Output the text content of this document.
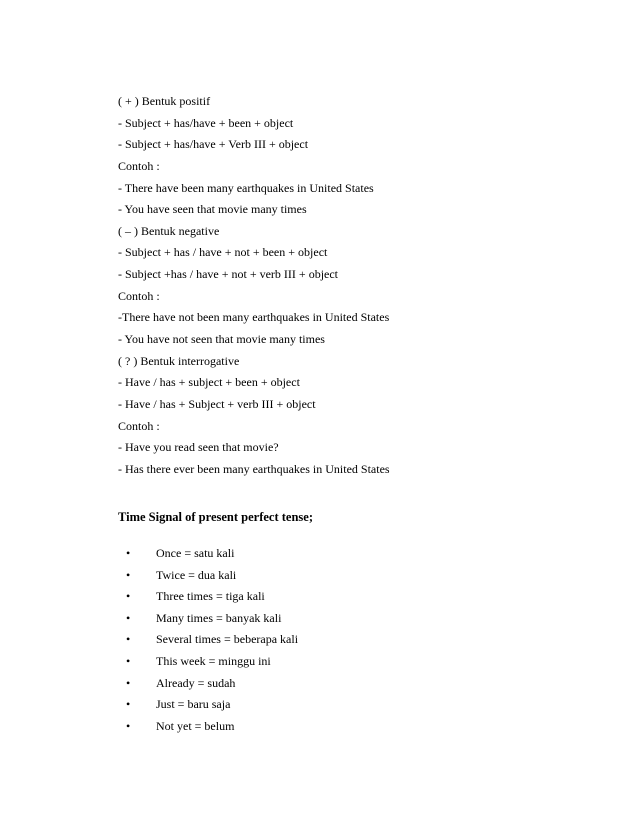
( + ) Bentuk positif
- Subject + has/have + been + object
- Subject + has/have + Verb III + object
Contoh :
- There have been many earthquakes in United States
- You have seen that movie many times
( – ) Bentuk negative
- Subject + has / have + not + been + object
- Subject +has / have + not + verb III + object
Contoh :
-There have not been many earthquakes in United States
- You have not seen that movie many times
( ? ) Bentuk interrogative
- Have / has + subject + been + object
- Have / has + Subject + verb III + object
Contoh :
- Have you read seen that movie?
- Has there ever been many earthquakes in United States
Time Signal of present perfect tense;
•	Once = satu kali
•	Twice = dua kali
•	Three times = tiga kali
•	Many times = banyak kali
•	Several times = beberapa kali
•	This week = minggu ini
•	Already = sudah
•	Just = baru saja
•	Not yet = belum
